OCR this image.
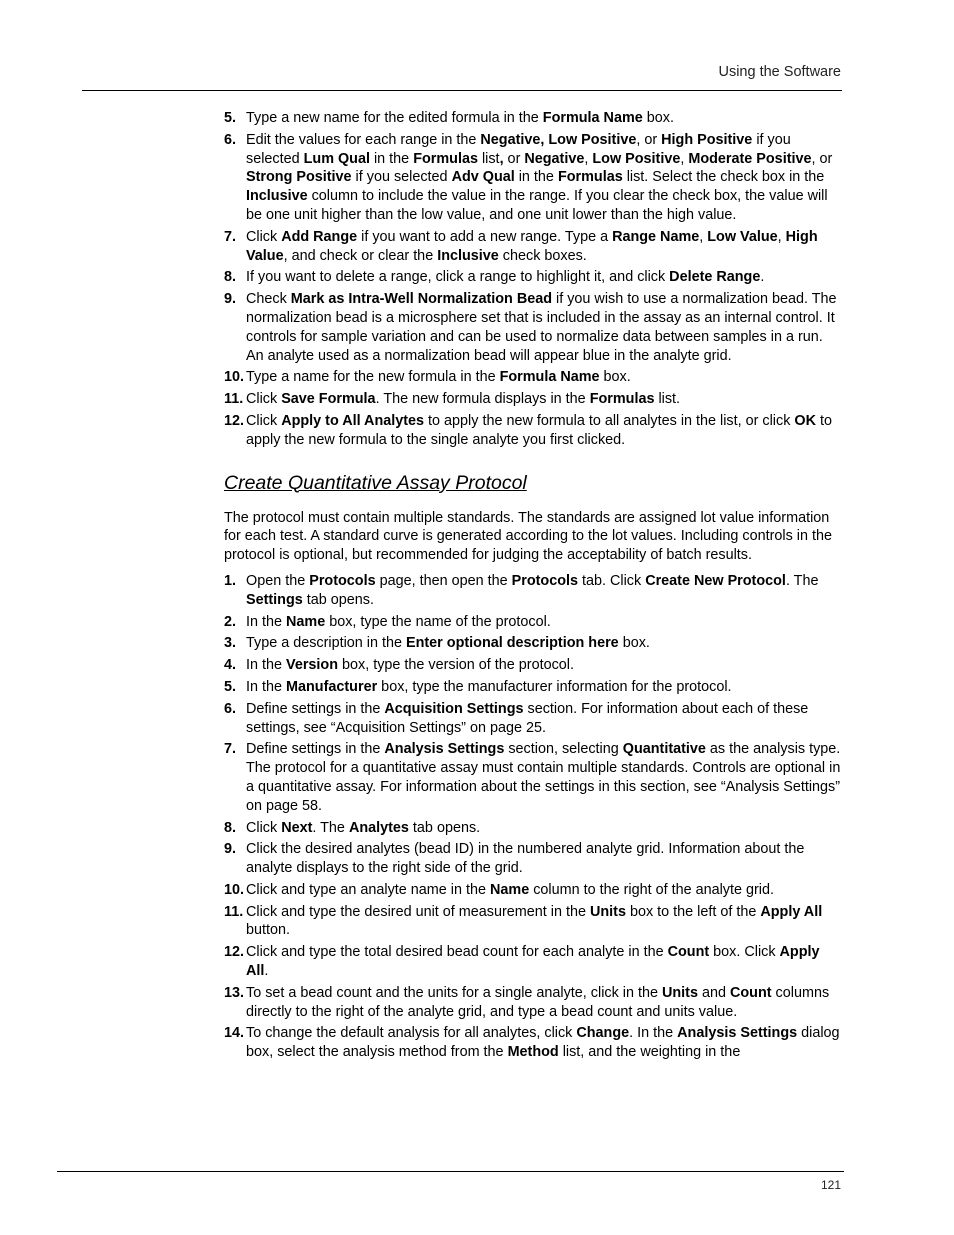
Using the Software
5. Type a new name for the edited formula in the Formula Name box.
6. Edit the values for each range in the Negative, Low Positive, or High Positive if you selected Lum Qual in the Formulas list, or Negative, Low Positive, Moderate Positive, or Strong Positive if you selected Adv Qual in the Formulas list. Select the check box in the Inclusive column to include the value in the range. If you clear the check box, the value will be one unit higher than the low value, and one unit lower than the high value.
7. Click Add Range if you want to add a new range. Type a Range Name, Low Value, High Value, and check or clear the Inclusive check boxes.
8. If you want to delete a range, click a range to highlight it, and click Delete Range.
9. Check Mark as Intra-Well Normalization Bead if you wish to use a normalization bead. The normalization bead is a microsphere set that is included in the assay as an internal control. It controls for sample variation and can be used to normalize data between samples in a run. An analyte used as a normalization bead will appear blue in the analyte grid.
10. Type a name for the new formula in the Formula Name box.
11. Click Save Formula. The new formula displays in the Formulas list.
12. Click Apply to All Analytes to apply the new formula to all analytes in the list, or click OK to apply the new formula to the single analyte you first clicked.
Create Quantitative Assay Protocol

The protocol must contain multiple standards. The standards are assigned lot value information for each test. A standard curve is generated according to the lot values. Including controls in the protocol is optional, but recommended for judging the acceptability of batch results.

1. Open the Protocols page, then open the Protocols tab. Click Create New Protocol. The Settings tab opens.
2. In the Name box, type the name of the protocol.
3. Type a description in the Enter optional description here box.
4. In the Version box, type the version of the protocol.
5. In the Manufacturer box, type the manufacturer information for the protocol.
6. Define settings in the Acquisition Settings section. For information about each of these settings, see “Acquisition Settings” on page 25.
7. Define settings in the Analysis Settings section, selecting Quantitative as the analysis type. The protocol for a quantitative assay must contain multiple standards. Controls are optional in a quantitative assay. For information about the settings in this section, see “Analysis Settings” on page 58.
8. Click Next. The Analytes tab opens.
9. Click the desired analytes (bead ID) in the numbered analyte grid. Information about the analyte displays to the right side of the grid.
10. Click and type an analyte name in the Name column to the right of the analyte grid.
11. Click and type the desired unit of measurement in the Units box to the left of the Apply All button.
12. Click and type the total desired bead count for each analyte in the Count box. Click Apply All.
13. To set a bead count and the units for a single analyte, click in the Units and Count columns directly to the right of the analyte grid, and type a bead count and units value.
14. To change the default analysis for all analytes, click Change. In the Analysis Settings dialog box, select the analysis method from the Method list, and the weighting in the
121
